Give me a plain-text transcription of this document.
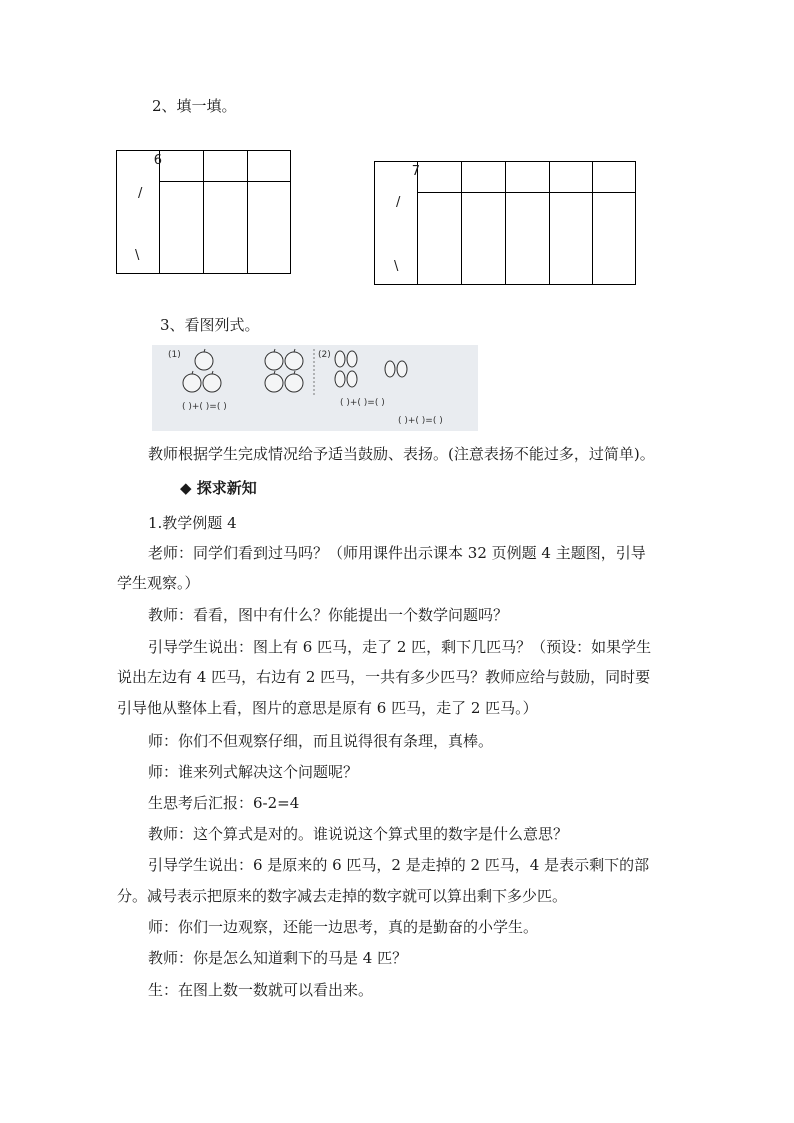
2、填一填。
6
/
\			

7
/
\					

3、看图列式。
(1)
( )+( )=( )
(2)
( )+( )=( )
( )+( )=( )
教师根据学生完成情况给予适当鼓励、表扬。(注意表扬不能过多，过简单)。
◆ 探求新知
1.教学例题 4
老师：同学们看到过马吗？（师用课件出示课本 32 页例题 4 主题图，引导
学生观察。）
教师：看看，图中有什么？你能提出一个数学问题吗？
引导学生说出：图上有 6 匹马，走了 2 匹，剩下几匹马？（预设：如果学生
说出左边有 4 匹马，右边有 2 匹马，一共有多少匹马？教师应给与鼓励，同时要
引导他从整体上看，图片的意思是原有 6 匹马，走了 2 匹马。）
师：你们不但观察仔细，而且说得很有条理，真棒。
师：谁来列式解决这个问题呢？
生思考后汇报：6-2=4
教师：这个算式是对的。谁说说这个算式里的数字是什么意思？
引导学生说出：6 是原来的 6 匹马，2 是走掉的 2 匹马，4 是表示剩下的部
分。减号表示把原来的数字减去走掉的数字就可以算出剩下多少匹。
师：你们一边观察，还能一边思考，真的是勤奋的小学生。
教师：你是怎么知道剩下的马是 4 匹？
生：在图上数一数就可以看出来。
